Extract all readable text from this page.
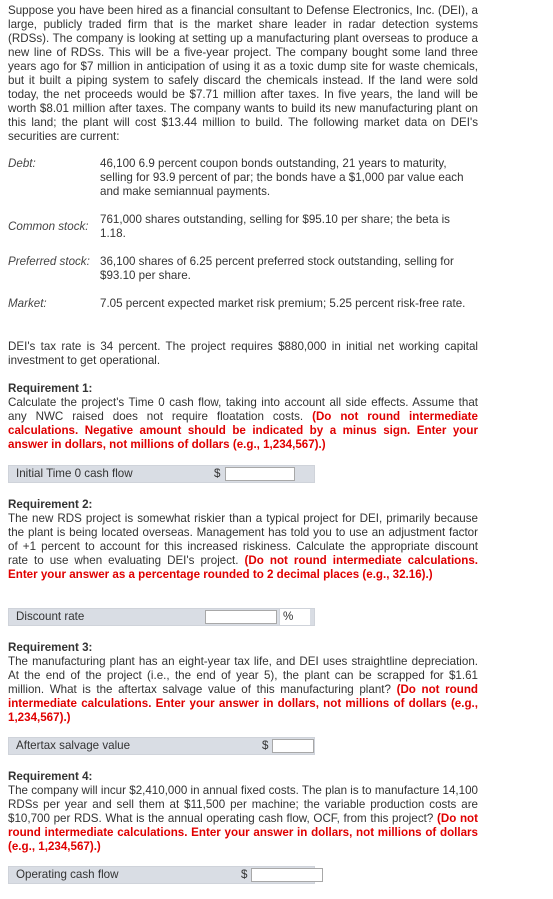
Suppose you have been hired as a financial consultant to Defense Electronics, Inc. (DEI), a large, publicly traded firm that is the market share leader in radar detection systems (RDSs). The company is looking at setting up a manufacturing plant overseas to produce a new line of RDSs. This will be a five-year project. The company bought some land three years ago for $7 million in anticipation of using it as a toxic dump site for waste chemicals, but it built a piping system to safely discard the chemicals instead. If the land were sold today, the net proceeds would be $7.71 million after taxes. In five years, the land will be worth $8.01 million after taxes. The company wants to build its new manufacturing plant on this land; the plant will cost $13.44 million to build. The following market data on DEI's securities are current:
Debt:	46,100 6.9 percent coupon bonds outstanding, 21 years to maturity, selling for 93.9 percent of par; the bonds have a $1,000 par value each and make semiannual payments.

Common stock:	761,000 shares outstanding, selling for $95.10 per share; the beta is 1.18.

Preferred stock:	36,100 shares of 6.25 percent preferred stock outstanding, selling for $93.10 per share.

Market:	7.05 percent expected market risk premium; 5.25 percent risk-free rate.
DEI's tax rate is 34 percent. The project requires $880,000 in initial net working capital investment to get operational.
Requirement 1:
Calculate the project's Time 0 cash flow, taking into account all side effects. Assume that any NWC raised does not require floatation costs. (Do not round intermediate calculations. Negative amount should be indicated by a minus sign. Enter your answer in dollars, not millions of dollars (e.g., 1,234,567).)
Initial Time 0 cash flow	$
Requirement 2:
The new RDS project is somewhat riskier than a typical project for DEI, primarily because the plant is being located overseas. Management has told you to use an adjustment factor of +1 percent to account for this increased riskiness. Calculate the appropriate discount rate to use when evaluating DEI's project. (Do not round intermediate calculations. Enter your answer as a percentage rounded to 2 decimal places (e.g., 32.16).)
Discount rate	%
Requirement 3:
The manufacturing plant has an eight-year tax life, and DEI uses straightline depreciation. At the end of the project (i.e., the end of year 5), the plant can be scrapped for $1.61 million. What is the aftertax salvage value of this manufacturing plant? (Do not round intermediate calculations. Enter your answer in dollars, not millions of dollars (e.g., 1,234,567).)
Aftertax salvage value	$
Requirement 4:
The company will incur $2,410,000 in annual fixed costs. The plan is to manufacture 14,100 RDSs per year and sell them at $11,500 per machine; the variable production costs are $10,700 per RDS. What is the annual operating cash flow, OCF, from this project? (Do not round intermediate calculations. Enter your answer in dollars, not millions of dollars (e.g., 1,234,567).)
Operating cash flow	$
